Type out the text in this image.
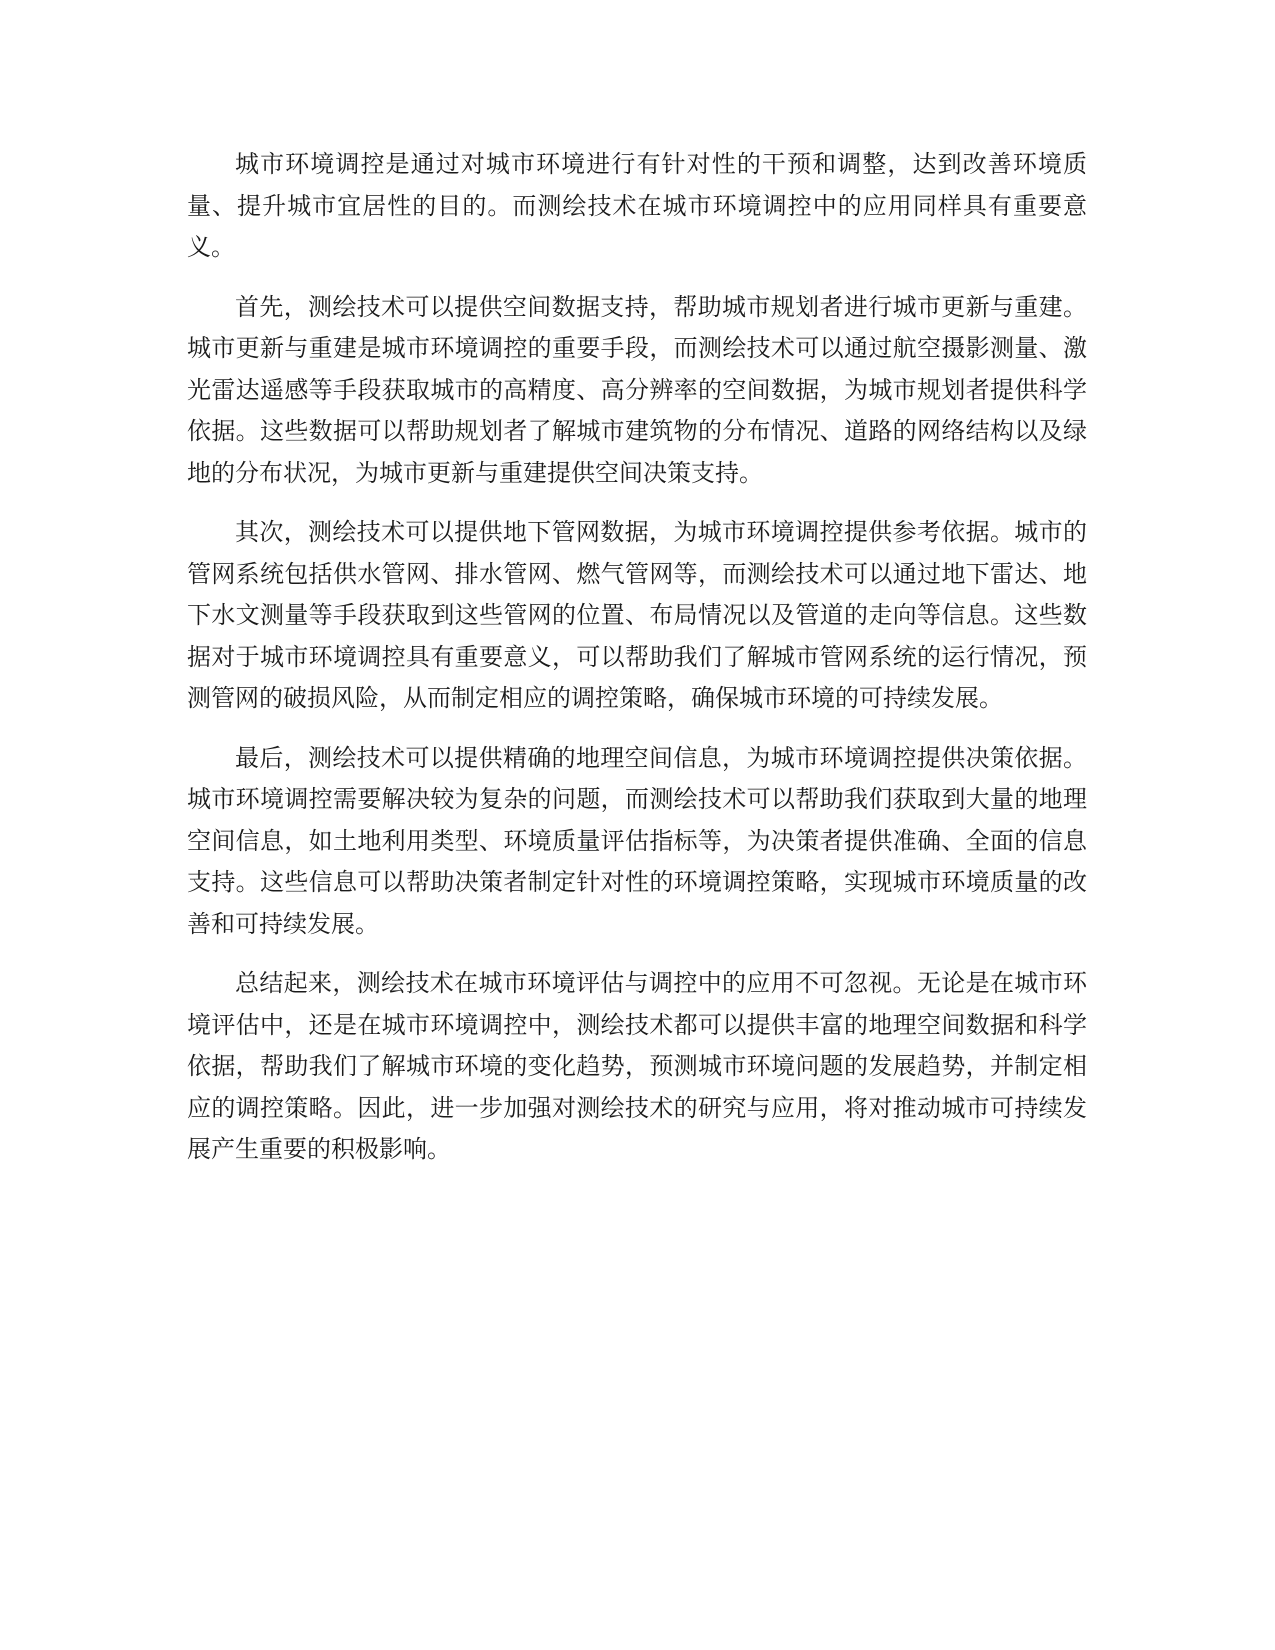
城市环境调控是通过对城市环境进行有针对性的干预和调整，达到改善环境质量、提升城市宜居性的目的。而测绘技术在城市环境调控中的应用同样具有重要意义。

首先，测绘技术可以提供空间数据支持，帮助城市规划者进行城市更新与重建。城市更新与重建是城市环境调控的重要手段，而测绘技术可以通过航空摄影测量、激光雷达遥感等手段获取城市的高精度、高分辨率的空间数据，为城市规划者提供科学依据。这些数据可以帮助规划者了解城市建筑物的分布情况、道路的网络结构以及绿地的分布状况，为城市更新与重建提供空间决策支持。

其次，测绘技术可以提供地下管网数据，为城市环境调控提供参考依据。城市的管网系统包括供水管网、排水管网、燃气管网等，而测绘技术可以通过地下雷达、地下水文测量等手段获取到这些管网的位置、布局情况以及管道的走向等信息。这些数据对于城市环境调控具有重要意义，可以帮助我们了解城市管网系统的运行情况，预测管网的破损风险，从而制定相应的调控策略，确保城市环境的可持续发展。

最后，测绘技术可以提供精确的地理空间信息，为城市环境调控提供决策依据。城市环境调控需要解决较为复杂的问题，而测绘技术可以帮助我们获取到大量的地理空间信息，如土地利用类型、环境质量评估指标等，为决策者提供准确、全面的信息支持。这些信息可以帮助决策者制定针对性的环境调控策略，实现城市环境质量的改善和可持续发展。

总结起来，测绘技术在城市环境评估与调控中的应用不可忽视。无论是在城市环境评估中，还是在城市环境调控中，测绘技术都可以提供丰富的地理空间数据和科学依据，帮助我们了解城市环境的变化趋势，预测城市环境问题的发展趋势，并制定相应的调控策略。因此，进一步加强对测绘技术的研究与应用，将对推动城市可持续发展产生重要的积极影响。
